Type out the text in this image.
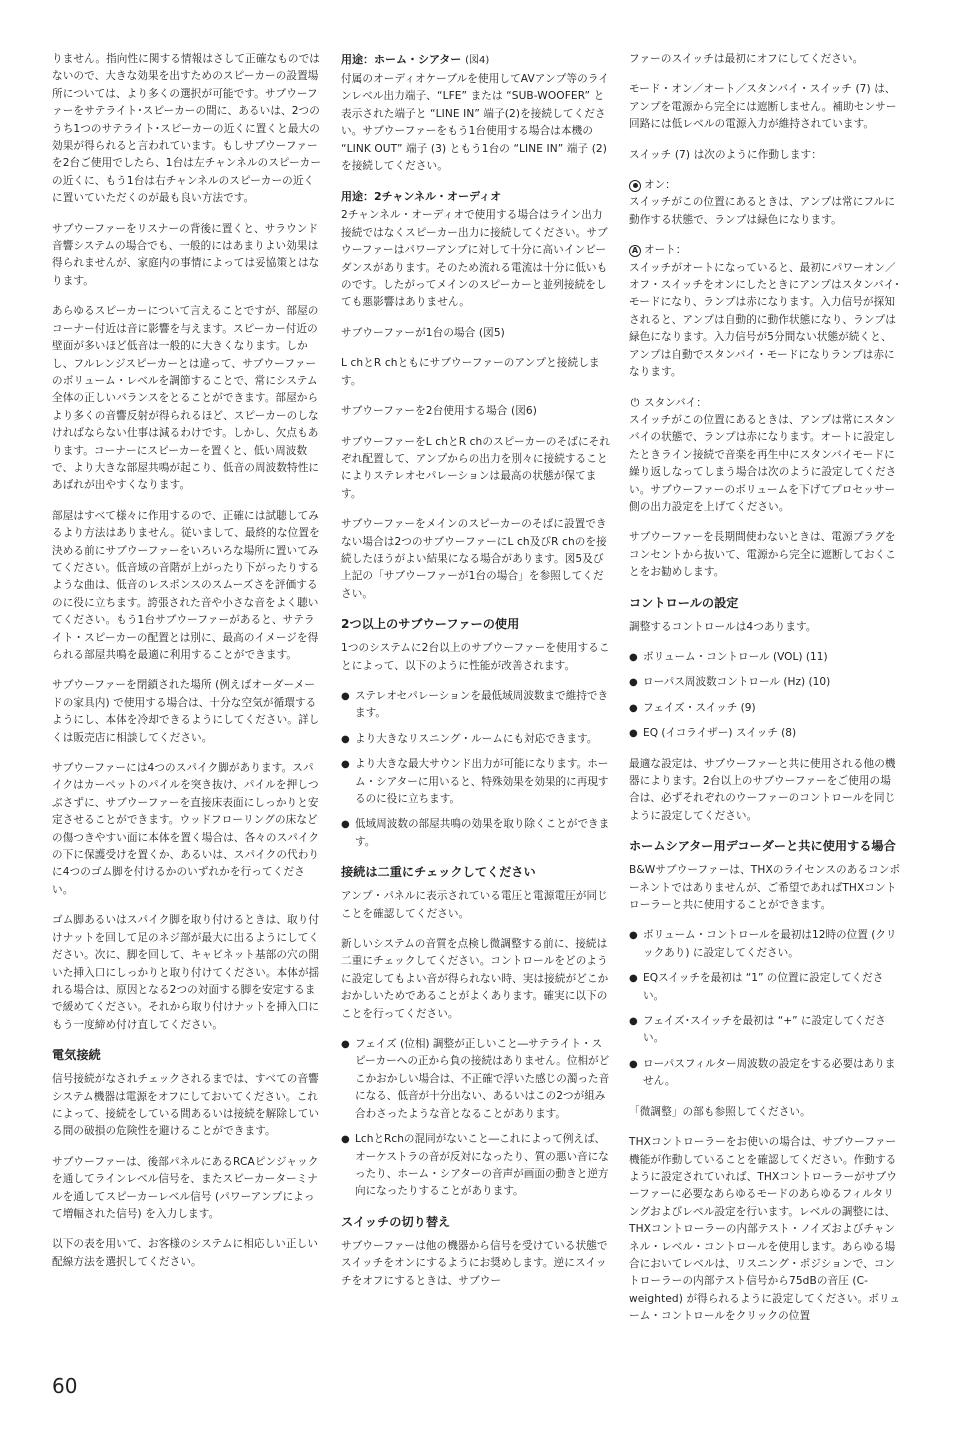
りません。指向性に関する情報はさして正確なものではないので、大きな効果を出すためのスピーカーの設置場所については、より多くの選択が可能です。サブウーファーをサテライト･スピーカーの間に、あるいは、2つのうち1つのサテライト･スピーカーの近くに置くと最大の効果が得られると言われています。もしサブウーファーを2台ご使用でしたら、1台は左チャンネルのスピーカーの近くに、もう1台は右チャンネルのスピーカーの近くに置いていただくのが最も良い方法です。

サブウーファーをリスナーの背後に置くと、サラウンド音響システムの場合でも、一般的にはあまりよい効果は得られませんが、家庭内の事情によっては妥協策とはなります。

あらゆるスピーカーについて言えることですが、部屋のコーナー付近は音に影響を与えます。スピーカー付近の壁面が多いほど低音は一般的に大きくなります。しかし、フルレンジスピーカーとは違って、サブウーファーのボリューム・レベルを調節することで、常にシステム全体の正しいバランスをとることができます。部屋からより多くの音響反射が得られるほど、スピーカーのしなければならない仕事は減るわけです。しかし、欠点もあります。コーナーにスピーカーを置くと、低い周波数で、より大きな部屋共鳴が起こり、低音の周波数特性にあばれが出やすくなります。

部屋はすべて様々に作用するので、正確には試聴してみるより方法はありません。従いまして、最終的な位置を決める前にサブウーファーをいろいろな場所に置いてみてください。低音域の音階が上がったり下がったりするような曲は、低音のレスポンスのスムーズさを評価するのに役に立ちます。誇張された音や小さな音をよく聴いてください。もう1台サブウーファーがあると、サテライト・スピーカーの配置とは別に、最高のイメージを得られる部屋共鳴を最適に利用することができます。

サブウーファーを閉鎖された場所 (例えばオーダーメードの家具内) で使用する場合は、十分な空気が循環するようにし、本体を冷却できるようにしてください。詳しくは販売店に相談してください。

サブウーファーには4つのスパイク脚があります。スパイクはカーペットのパイルを突き抜け、パイルを押しつぶさずに、サブウーファーを直接床表面にしっかりと安定させることができます。ウッドフローリングの床などの傷つきやすい面に本体を置く場合は、各々のスパイクの下に保護受けを置くか、あるいは、スパイクの代わりに4つのゴム脚を付けるかのいずれかを行ってください。

ゴム脚あるいはスパイク脚を取り付けるときは、取り付けナットを回して足のネジ部が最大に出るようにしてください。次に、脚を回して、キャビネット基部の穴の開いた挿入口にしっかりと取り付けてください。本体が揺れる場合は、原因となる2つの対面する脚を安定するまで緩めてください。それから取り付けナットを挿入口にもう一度締め付け直してください。

電気接続

信号接続がなされチェックされるまでは、すべての音響システム機器は電源をオフにしておいてください。これによって、接続をしている間あるいは接続を解除している間の破損の危険性を避けることができます。

サブウーファーは、後部パネルにあるRCAピンジャックを通してラインレベル信号を、またスピーカーターミナルを通してスピーカーレベル信号 (パワーアンプによって増幅された信号) を入力します。

以下の表を用いて、お客様のシステムに相応しい正しい配線方法を選択してください。

用途：ホーム・シアター (図4)

付属のオーディオケーブルを使用してAVアンプ等のラインレベル出力端子、“LFE” または “SUB-WOOFER” と表示された端子と “LINE IN” 端子(2)を接続してください。サブウーファーをもう1台使用する場合は本機の “LINK OUT” 端子 (3) ともう1台の “LINE IN” 端子 (2) を接続してください。

用途：2チャンネル・オーディオ

2チャンネル・オーディオで使用する場合はライン出力接続ではなくスピーカー出力に接続してください。サブウーファーはパワーアンプに対して十分に高いインピーダンスがあります。そのため流れる電流は十分に低いものです。したがってメインのスピーカーと並列接続をしても悪影響はありません。

サブウーファーが1台の場合 (図5)

L chとR chともにサブウーファーのアンプと接続します。

サブウーファーを2台使用する場合 (図6)

サブウーファーをL chとR chのスピーカーのそばにそれぞれ配置して、アンプからの出力を別々に接続することによりステレオセパレーションは最高の状態が保てます。

サブウーファーをメインのスピーカーのそばに設置できない場合は2つのサブウーファーにL ch及びR chのを接続したほうがよい結果になる場合があります。図5及び上記の「サブウーファーが1台の場合」を参照してください。

2つ以上のサブウーファーの使用

1つのシステムに2台以上のサブウーファーを使用することによって、以下のように性能が改善されます。

● ステレオセパレーションを最低域周波数まで維持できます。
● より大きなリスニング・ルームにも対応できます。
● より大きな最大サウンド出力が可能になります。ホーム・シアターに用いると、特殊効果を効果的に再現するのに役に立ちます。
● 低域周波数の部屋共鳴の効果を取り除くことができます。
接続は二重にチェックしてください

アンプ・パネルに表示されている電圧と電源電圧が同じことを確認してください。

新しいシステムの音質を点検し微調整する前に、接続は二重にチェックしてください。コントロールをどのように設定してもよい音が得られない時、実は接続がどこかおかしいためであることがよくあります。確実に以下のことを行ってください。

● フェイズ (位相) 調整が正しいこと―サテライト・スピーカーへの正から負の接続はありません。位相がどこかおかしい場合は、不正確で浮いた感じの濁った音になる、低音が十分出ない、あるいはこの2つが組み合わさったような音となることがあります。
● LchとRchの混同がないこと―これによって例えば、オーケストラの音が反対になったり、質の悪い音になったり、ホーム・シアターの音声が画面の動きと逆方向になったりすることがあります。
スイッチの切り替え

サブウーファーは他の機器から信号を受けている状態でスイッチをオンにするようにお奨めします。逆にスイッチをオフにするときは、サブウー

ファーのスイッチは最初にオフにしてください。

モード・オン／オート／スタンバイ・スイッチ (7) は、アンプを電源から完全には遮断しません。補助センサー回路には低レベルの電源入力が維持されています。

スイッチ (7) は次のように作動します：

オン：

スイッチがこの位置にあるときは、アンプは常にフルに動作する状態で、ランプは緑色になります。

A オート：

スイッチがオートになっていると、最初にパワーオン／オフ・スイッチをオンにしたときにアンプはスタンバイ･モードになり、ランプは赤になります。入力信号が探知されると、アンプは自動的に動作状態になり、ランプは緑色になります。入力信号が5分間ない状態が続くと、アンプは自動でスタンバイ・モードになりランプは赤になります。

⏻ スタンバイ：

スイッチがこの位置にあるときは、アンプは常にスタンバイの状態で、ランプは赤になります。オートに設定したときライン接続で音楽を再生中にスタンバイモードに繰り返しなってしまう場合は次のように設定してください。サブウーファーのボリュームを下げてプロセッサー側の出力設定を上げてください。

サブウーファーを長期間使わないときは、電源プラグをコンセントから抜いて、電源から完全に遮断しておくことをお勧めします。

コントロールの設定

調整するコントロールは4つあります。

● ボリューム・コントロール (VOL) (11)
● ローパス周波数コントロール (Hz) (10)
● フェイズ・スイッチ (9)
● EQ (イコライザー) スイッチ (8)

最適な設定は、サブウーファーと共に使用される他の機器によります。2台以上のサブウーファーをご使用の場合は、必ずそれぞれのウーファーのコントロールを同じように設定してください。

ホームシアター用デコーダーと共に使用する場合

B&Wサブウーファーは、THXのライセンスのあるコンポーネントではありませんが、ご希望であればTHXコントローラーと共に使用することができます。

● ボリューム・コントロールを最初は12時の位置 (クリックあり) に設定してください。
● EQスイッチを最初は “1” の位置に設定してください。
● フェイズ･スイッチを最初は “+” に設定してください。
● ローパスフィルター周波数の設定をする必要はありません。

「微調整」の部も参照してください。

THXコントローラーをお使いの場合は、サブウーファー機能が作動していることを確認してください。作動するように設定されていれば、THXコントローラーがサブウーファーに必要なあらゆるモードのあらゆるフィルタリングおよびレベル設定を行います。レベルの調整には、THXコントローラーの内部テスト・ノイズおよびチャンネル・レベル・コントロールを使用します。あらゆる場合においてレベルは、リスニング・ポジションで、コントローラーの内部テスト信号から75dBの音圧 (C-weighted) が得られるように設定してください。ボリューム・コントロールをクリックの位置

60
